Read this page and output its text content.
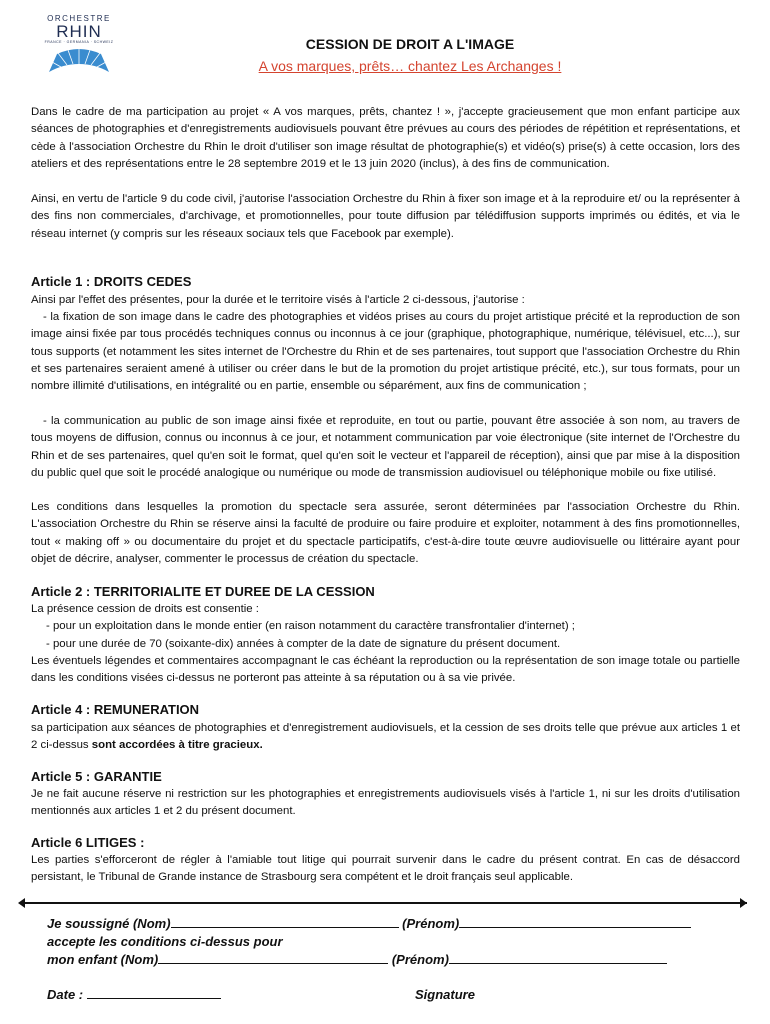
ORCHESTRE
RHIN
FRANCE · GERMANIA · SCHWEIZ	CESSION DE DROIT A L'IMAGE
A vos marques, prêts… chantez Les Archanges !

Dans le cadre de ma participation au projet « A vos marques, prêts, chantez ! », j'accepte gracieusement que mon enfant participe aux séances de photographies et d'enregistrements audiovisuels pouvant être prévues au cours des périodes de répétition et représentations, et cède à l'association Orchestre du Rhin le droit d'utiliser son image résultat de photographie(s) et vidéo(s) prise(s) à cette occasion, lors des ateliers et des représentations entre le 28 septembre 2019 et le 13 juin 2020 (inclus), à des fins de communication.

Ainsi, en vertu de l'article 9 du code civil, j'autorise l'association Orchestre du Rhin à fixer son image et à la reproduire et/ ou la représenter à des fins non commerciales, d'archivage, et promotionnelles, pour toute diffusion par télédiffusion supports imprimés ou édités, et via le réseau internet (y compris sur les réseaux sociaux tels que Facebook par exemple).

Article 1 : DROITS CEDES

Ainsi par l'effet des présentes, pour la durée et le territoire visés à l'article 2 ci-dessous, j'autorise :

- la fixation de son image dans le cadre des photographies et vidéos prises au cours du projet artistique précité et la reproduction de son image ainsi fixée par tous procédés techniques connus ou inconnus à ce jour (graphique, photographique, numérique, télévisuel, etc...), sur tous supports (et notamment les sites internet de l'Orchestre du Rhin et de ses partenaires, tout support que l'association Orchestre du Rhin et ses partenaires seraient amené à utiliser ou créer dans le but de la promotion du projet artistique précité, etc.), sur tous formats, pour un nombre illimité d'utilisations, en intégralité ou en partie, ensemble ou séparément, aux fins de communication ;

- la communication au public de son image ainsi fixée et reproduite, en tout ou partie, pouvant être associée à son nom, au travers de tous moyens de diffusion, connus ou inconnus à ce jour, et notamment communication par voie électronique (site internet de l'Orchestre du Rhin et de ses partenaires, quel qu'en soit le format, quel qu'en soit le vecteur et l'appareil de réception), ainsi que par mise à la disposition du public quel que soit le procédé analogique ou numérique ou mode de transmission audiovisuel ou téléphonique mobile ou fixe utilisé.

Les conditions dans lesquelles la promotion du spectacle sera assurée, seront déterminées par l'association Orchestre du Rhin. L'association Orchestre du Rhin se réserve ainsi la faculté de produire ou faire produire et exploiter, notamment à des fins promotionnelles, tout « making off » ou documentaire du projet et du spectacle participatifs, c'est-à-dire toute œuvre audiovisuelle ou littéraire ayant pour objet de décrire, analyser, commenter le processus de création du spectacle.

Article 2 : TERRITORIALITE ET DUREE DE LA CESSION

La présence cession de droits est consentie :

- pour un exploitation dans le monde entier (en raison notamment du caractère transfrontalier d'internet) ;
- pour une durée de 70 (soixante-dix) années à compter de la date de signature du présent document.

Les éventuels légendes et commentaires accompagnant le cas échéant la reproduction ou la représentation de son image totale ou partielle dans les conditions visées ci-dessus ne porteront pas atteinte à sa réputation ou à sa vie privée.

Article 4 : REMUNERATION

sa participation aux séances de photographies et d'enregistrement audiovisuels, et la cession de ses droits telle que prévue aux articles 1 et 2 ci-dessus sont accordées à titre gracieux.

Article 5 : GARANTIE

Je ne fait aucune réserve ni restriction sur les photographies et enregistrements audiovisuels visés à l'article 1, ni sur les droits d'utilisation mentionnés aux articles 1 et 2 du présent document.

Article 6 LITIGES :

Les parties s'efforceront de régler à l'amiable tout litige qui pourrait survenir dans le cadre du présent contrat. En cas de désaccord persistant, le Tribunal de Grande instance de Strasbourg sera compétent et le droit français seul applicable.

Je soussigné (Nom)	(Prénom)
accepte les conditions ci-dessus pour
mon enfant (Nom)	(Prénom)
Date :	Signature
